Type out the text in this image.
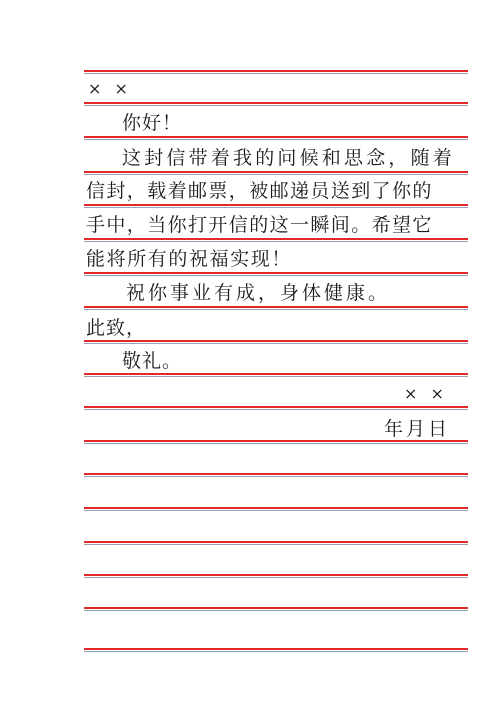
× ×
你好！
这封信带着我的问候和思念，随着
信封，载着邮票，被邮递员送到了你的
手中，当你打开信的这一瞬间。希望它
能将所有的祝福实现！
祝你事业有成，身体健康。
此致，
敬礼。
× ×
年月日
